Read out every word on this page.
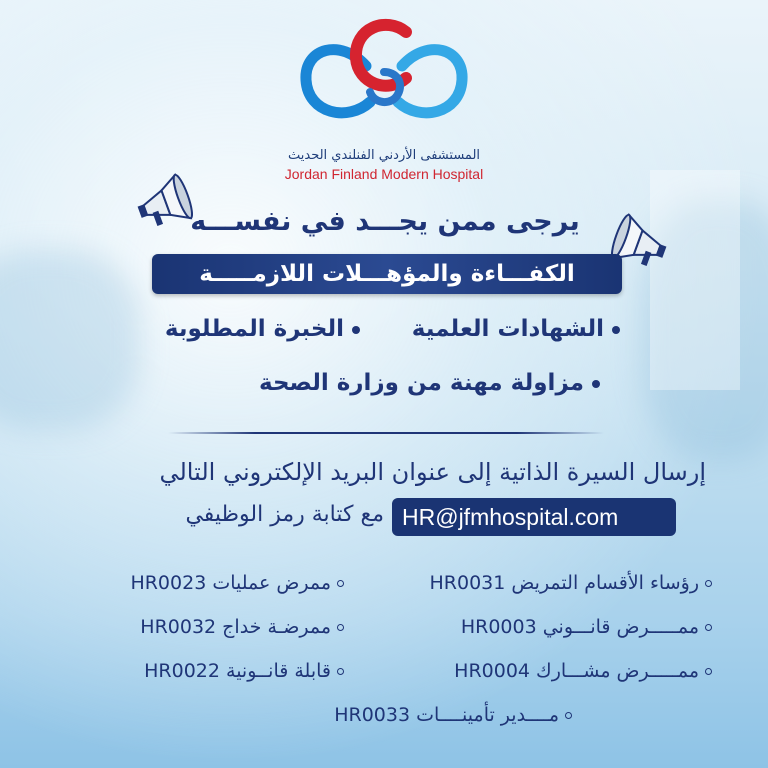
المستشفى الأردني الفنلندي الحديث
Jordan Finland Modern Hospital
يرجى ممن يجـــد في نفســـه
الكفـــاءة والمؤهـــلات اللازمـــــة
الشهادات العلمية
الخبرة المطلوبة
مزاولة مهنة من وزارة الصحة
إرسال السيرة الذاتية إلى عنوان البريد الإلكتروني التالي
HR@jfmhospital.com
مع كتابة رمز الوظيفي
رؤساء الأقسام التمريض HR0031
ممرض عمليات HR0023
ممـــــرض قانـــوني HR0003
ممرضـة خداج HR0032
ممـــــرض مشـــارك HR0004
قابلة قانــونية HR0022
مــــدير تأمينــــات HR0033
